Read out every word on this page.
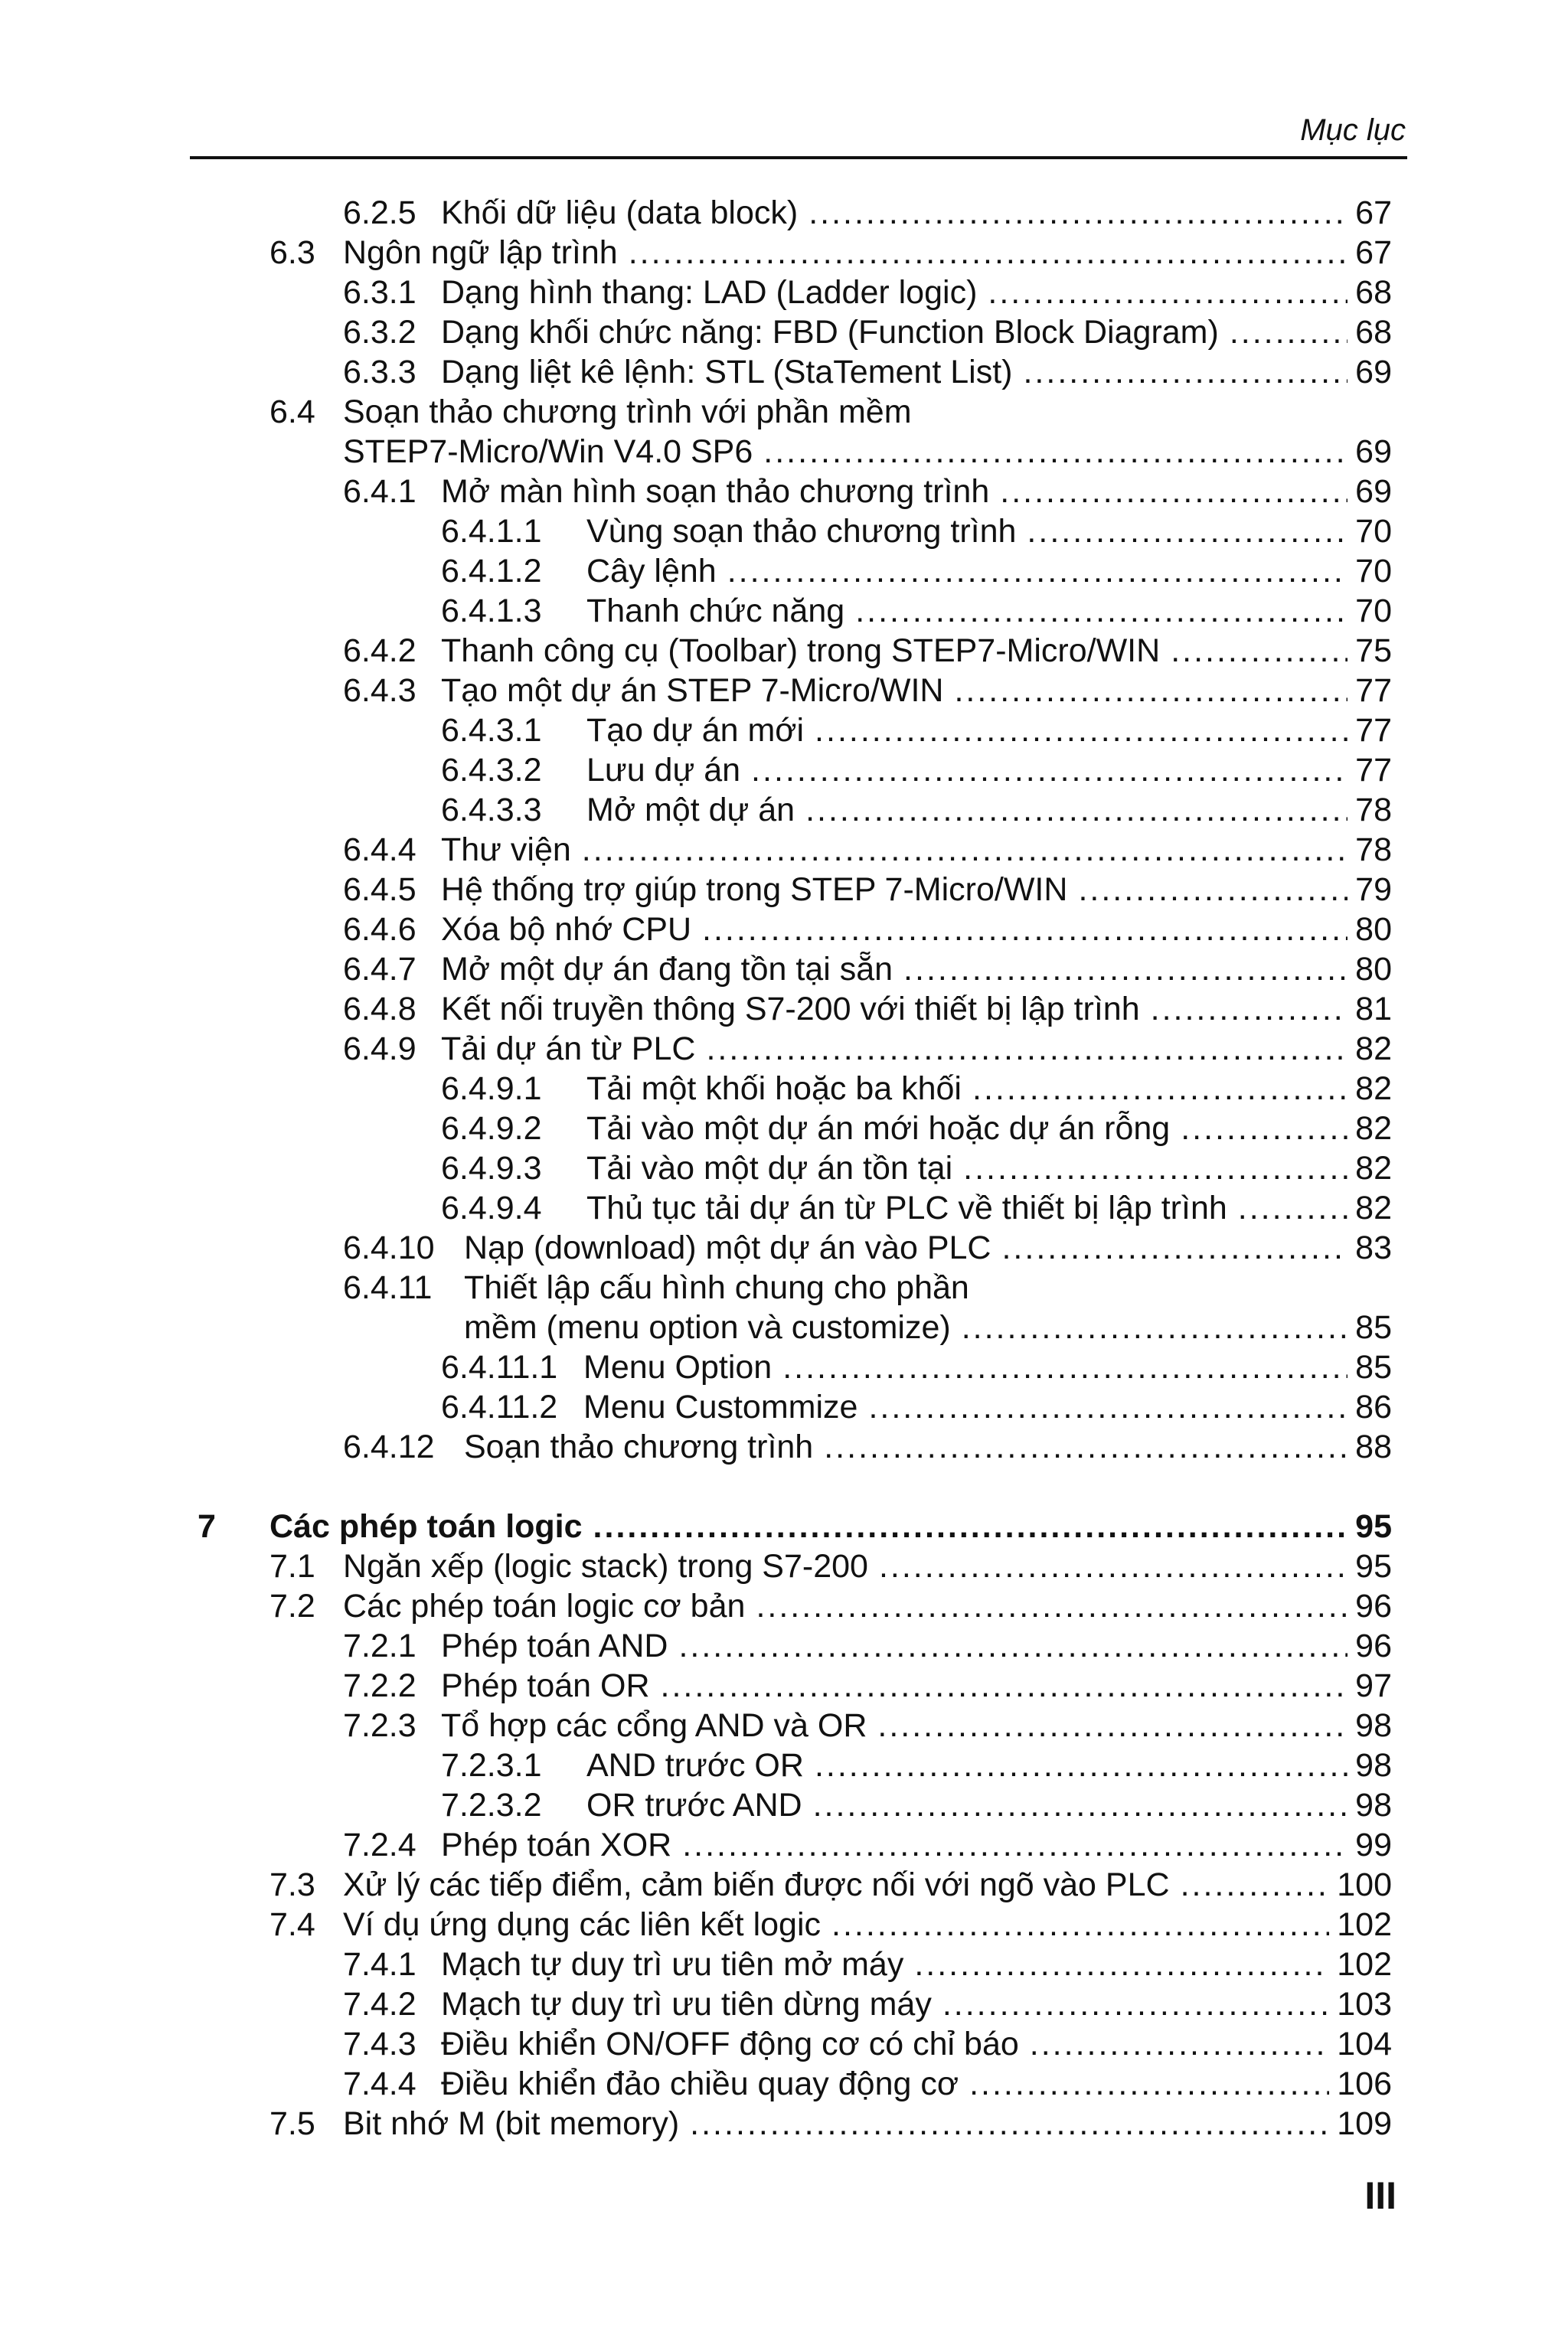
Mục lục
6.2.5 Khối dữ liệu (data block) .....	67
6.3 Ngôn ngữ lập trình .....	67
6.3.1 Dạng hình thang: LAD (Ladder logic) .....	68
6.3.2 Dạng khối chức năng: FBD (Function Block Diagram) .....	68
6.3.3 Dạng liệt kê lệnh: STL (StaTement List) .....	69
6.4 Soạn thảo chương trình với phần mềm
STEP7-Micro/Win V4.0 SP6 .....	69
6.4.1 Mở màn hình soạn thảo chương trình .....	69
6.4.1.1	Vùng soạn thảo chương trình .....	70
6.4.1.2	Cây lệnh .....	70
6.4.1.3	Thanh chức năng .....	70
6.4.2 Thanh công cụ (Toolbar) trong STEP7-Micro/WIN .....	75
6.4.3 Tạo một dự án STEP 7-Micro/WIN .....	77
6.4.3.1	Tạo dự án mới .....	77
6.4.3.2	Lưu dự án .....	77
6.4.3.3	Mở một dự án .....	78
6.4.4 Thư viện .....	78
6.4.5 Hệ thống trợ giúp trong STEP 7-Micro/WIN .....	79
6.4.6 Xóa bộ nhớ CPU .....	80
6.4.7 Mở một dự án đang tồn tại sẵn .....	80
6.4.8 Kết nối truyền thông S7-200 với thiết bị lập trình .....	81
6.4.9 Tải dự án từ PLC .....	82
6.4.9.1	Tải một khối hoặc ba khối .....	82
6.4.9.2	Tải vào một dự án mới hoặc dự án rỗng .....	82
6.4.9.3	Tải vào một dự án tồn tại .....	82
6.4.9.4	Thủ tục tải dự án từ PLC về thiết bị lập trình .....	82
6.4.10 Nạp (download) một dự án vào PLC .....	83
6.4.11 Thiết lập cấu hình chung cho phần
mềm (menu option và customize) .....	85
6.4.11.1 Menu Option .....	85
6.4.11.2 Menu Custommize .....	86
6.4.12 Soạn thảo chương trình .....	88
7	Các phép toán logic .....	95
7.1 Ngăn xếp (logic stack) trong S7-200 .....	95
7.2 Các phép toán logic cơ bản .....	96
7.2.1 Phép toán AND .....	96
7.2.2 Phép toán OR .....	97
7.2.3 Tổ hợp các cổng AND và OR .....	98
7.2.3.1	AND trước OR .....	98
7.2.3.2	OR trước AND .....	98
7.2.4 Phép toán XOR .....	99
7.3 Xử lý các tiếp điểm, cảm biến được nối với ngõ vào PLC .....	100
7.4 Ví dụ ứng dụng các liên kết logic .....	102
7.4.1 Mạch tự duy trì ưu tiên mở máy .....	102
7.4.2 Mạch tự duy trì ưu tiên dừng máy .....	103
7.4.3 Điều khiển ON/OFF động cơ có chỉ báo .....	104
7.4.4 Điều khiển đảo chiều quay động cơ .....	106
7.5 Bit nhớ M (bit memory) .....	109
III
